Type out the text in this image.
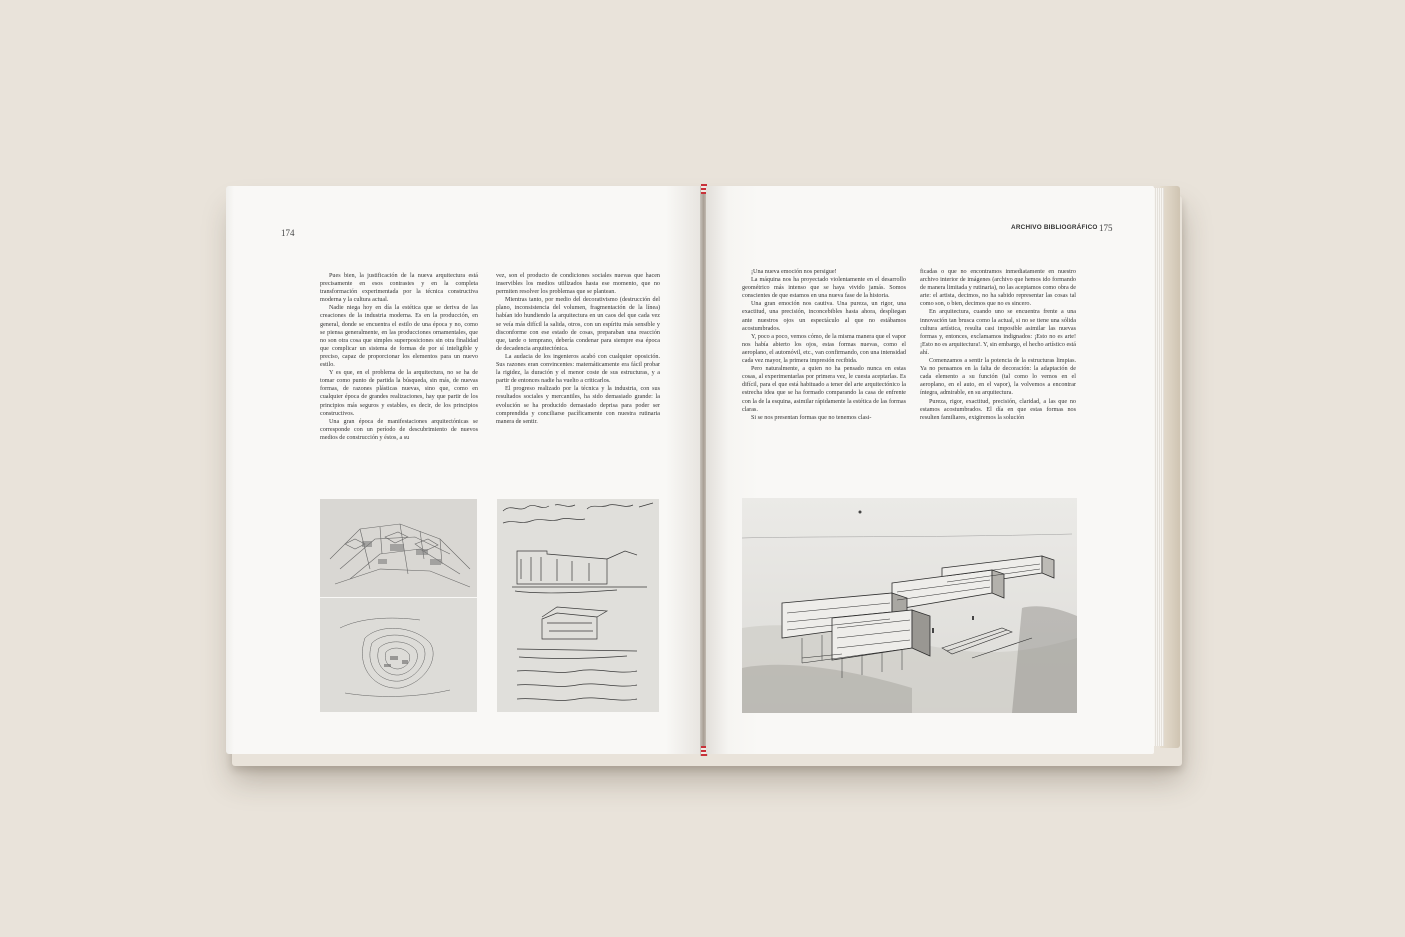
174

Pues bien, la justificación de la nueva arquitectura está precisamente en esos contrastes y en la completa transformación experimentada por la técnica constructiva moderna y la cultura actual.

Nadie niega hoy en día la estética que se deriva de las creaciones de la industria moderna. Es en la producción, en general, donde se encuentra el estilo de una época y no, como se piensa generalmente, en las producciones ornamentales, que no son otra cosa que simples superposiciones sin otra finalidad que complicar un sistema de formas de por sí inteligible y preciso, capaz de proporcionar los elementos para un nuevo estilo.

Y es que, en el problema de la arquitectura, no se ha de tomar como punto de partida la búsqueda, sin más, de nuevas formas, de razones plásticas nuevas, sino que, como en cualquier época de grandes realizaciones, hay que partir de los principios más seguros y estables, es decir, de los principios constructivos.

Una gran época de manifestaciones arquitectónicas se corresponde con un período de descubrimiento de nuevos medios de construcción y éstos, a su

vez, son el producto de condiciones sociales nuevas que hacen inservibles los medios utilizados hasta ese momento, que no permiten resolver los problemas que se plantean.

Mientras tanto, por medio del decorativismo (destrucción del plano, inconsistencia del volumen, fragmentación de la línea) habían ido hundiendo la arquitectura en un caos del que cada vez se veía más difícil la salida, otros, con un espíritu más sensible y disconforme con ese estado de cosas, preparaban una reacción que, tarde o temprano, debería condenar para siempre esa época de decadencia arquitectónica.

La audacia de los ingenieros acabó con cualquier oposición. Sus razones eran convincentes: matemáticamente era fácil probar la rigidez, la duración y el menor coste de sus estructuras, y a partir de entonces nadie ha vuelto a criticarlos.

El progreso realizado por la técnica y la industria, con sus resultados sociales y mercantiles, ha sido demasiado grande: la evolución se ha producido demasiado deprisa para poder ser comprendida y conciliarse pacíficamente con nuestra rutinaria manera de sentir.

ARCHIVO BIBLIOGRÁFICO 175

¡Una nueva emoción nos persigue!

La máquina nos ha proyectado violentamente en el desarrollo geométrico más intenso que se haya vivido jamás. Somos conscientes de que estamos en una nueva fase de la historia.

Una gran emoción nos cautiva. Una pureza, un rigor, una exactitud, una precisión, inconcebibles hasta ahora, despliegan ante nuestros ojos un espectáculo al que no estábamos acostumbrados.

Y, poco a poco, vemos cómo, de la misma manera que el vapor nos había abierto los ojos, estas formas nuevas, como el aeroplano, el automóvil, etc., van confirmando, con una intensidad cada vez mayor, la primera impresión recibida.

Pero naturalmente, a quien no ha pensado nunca en estas cosas, al experimentarlas por primera vez, le cuesta aceptarlas. Es difícil, para el que está habituado a tener del arte arquitectónico la estrecha idea que se ha formado comparando la casa de enfrente con la de la esquina, asimilar rápidamente la estética de las formas claras.

Si se nos presentan formas que no tenemos clasi-

ficadas o que no encontramos inmediatamente en nuestro archivo interior de imágenes (archivo que hemos ido formando de manera limitada y rutinaria), no las aceptamos como obra de arte: el artista, decimos, no ha sabido representar las cosas tal como son, o bien, decimos que no es sincero.

En arquitectura, cuando uno se encuentra frente a una innovación tan brusca como la actual, si no se tiene una sólida cultura artística, resulta casi imposible asimilar las nuevas formas y, entonces, exclamamos indignados: ¡Esto no es arte! ¡Esto no es arquitectura!. Y, sin embargo, el hecho artístico está ahí.

Comenzamos a sentir la potencia de la estructuras limpias. Ya no pensamos en la falta de decoración: la adaptación de cada elemento a su función (tal como lo vemos en el aeroplano, en el auto, en el vapor), la volvemos a encontrar íntegra, admirable, en su arquitectura.

Pureza, rigor, exactitud, precisión, claridad, a las que no estamos acostumbrados. El día en que estas formas nos resulten familiares, exigiremos la solución
